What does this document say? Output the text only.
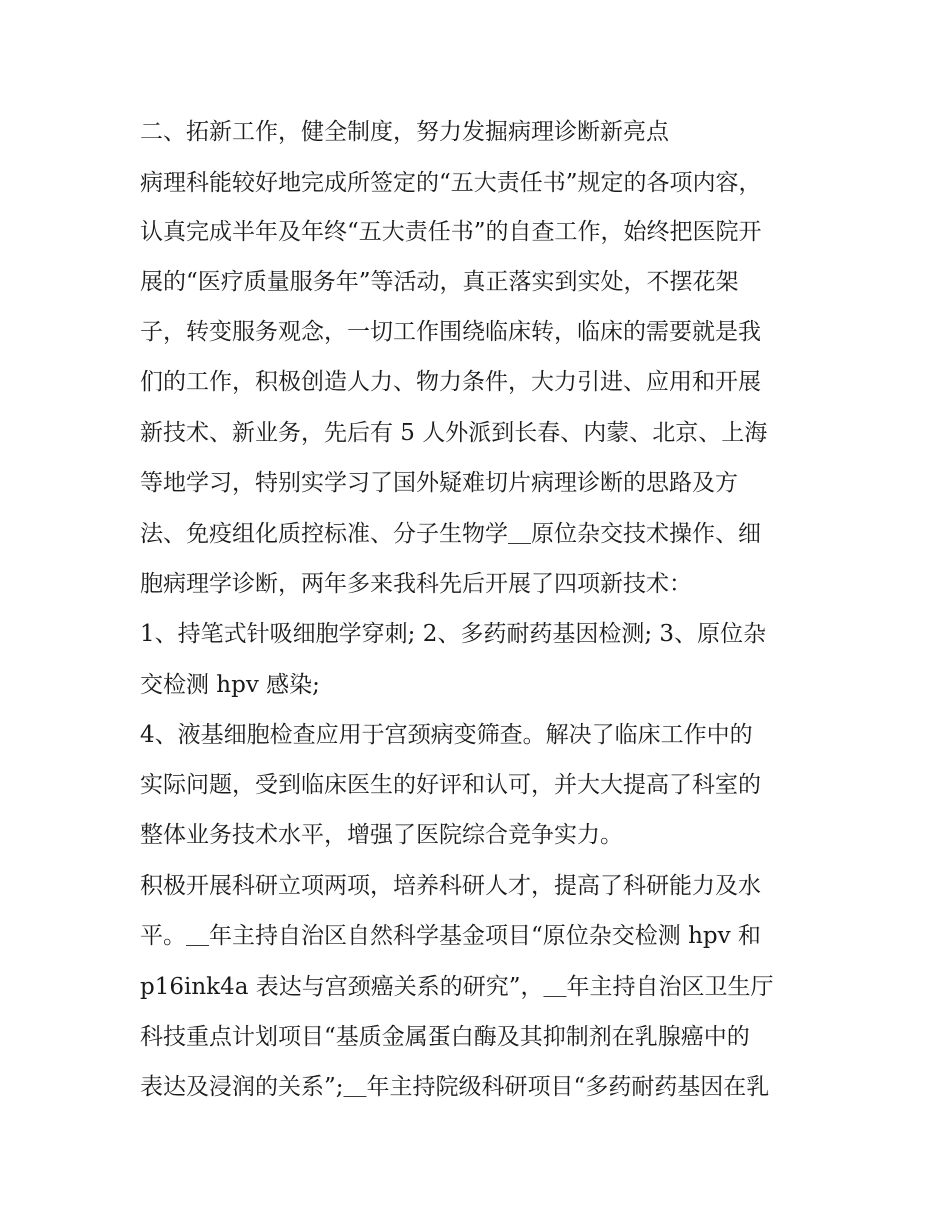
二、拓新工作，健全制度，努力发掘病理诊断新亮点
病理科能较好地完成所签定的“五大责任书”规定的各项内容，
认真完成半年及年终“五大责任书”的自查工作，始终把医院开
展的“医疗质量服务年”等活动，真正落实到实处，不摆花架
子，转变服务观念，一切工作围绕临床转，临床的需要就是我
们的工作，积极创造人力、物力条件，大力引进、应用和开展
新技术、新业务，先后有 5 人外派到长春、内蒙、北京、上海
等地学习，特别实学习了国外疑难切片病理诊断的思路及方
法、免疫组化质控标准、分子生物学＿原位杂交技术操作、细
胞病理学诊断，两年多来我科先后开展了四项新技术：
1、持笔式针吸细胞学穿刺; 2、多药耐药基因检测; 3、原位杂
交检测 hpv 感染;
4、液基细胞检查应用于宫颈病变筛查。解决了临床工作中的
实际问题，受到临床医生的好评和认可，并大大提高了科室的
整体业务技术水平，增强了医院综合竞争实力。
积极开展科研立项两项，培养科研人才，提高了科研能力及水
平。＿年主持自治区自然科学基金项目“原位杂交检测 hpv 和
p16ink4a 表达与宫颈癌关系的研究”，＿年主持自治区卫生厅
科技重点计划项目“基质金属蛋白酶及其抑制剂在乳腺癌中的
表达及浸润的关系”;＿年主持院级科研项目“多药耐药基因在乳
